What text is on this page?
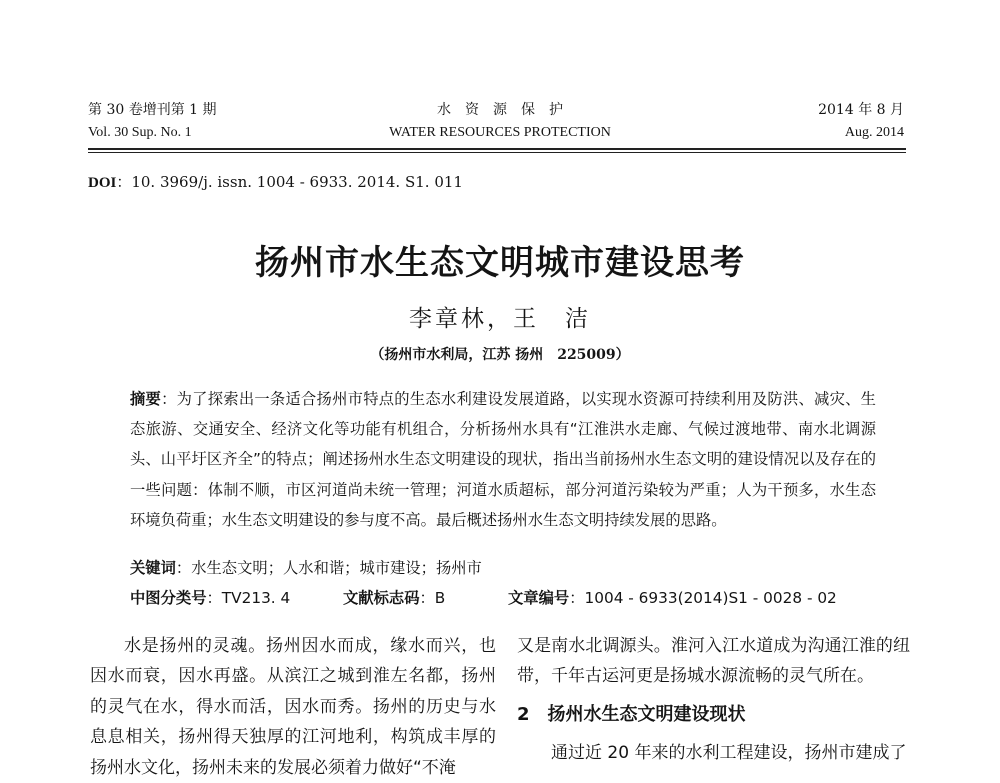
第 30 卷增刊第 1 期
Vol. 30 Sup. No. 1
水　资　源　保　护
WATER RESOURCES PROTECTION
2014 年 8 月
Aug. 2014
DOI：10. 3969/j. issn. 1004 - 6933. 2014. S1. 011
扬州市水生态文明城市建设思考
李章林，王　洁
（扬州市水利局，江苏 扬州　225009）
摘要：为了探索出一条适合扬州市特点的生态水利建设发展道路，以实现水资源可持续利用及防洪、减灾、生态旅游、交通安全、经济文化等功能有机组合，分析扬州水具有“江淮洪水走廊、气候过渡地带、南水北调源头、山平圩区齐全”的特点；阐述扬州水生态文明建设的现状，指出当前扬州水生态文明的建设情况以及存在的一些问题：体制不顺，市区河道尚未统一管理；河道水质超标，部分河道污染较为严重；人为干预多，水生态环境负荷重；水生态文明建设的参与度不高。最后概述扬州水生态文明持续发展的思路。
关键词：水生态文明；人水和谐；城市建设；扬州市
中图分类号：TV213. 4	文献标志码：B	文章编号：1004 - 6933(2014)S1 - 0028 - 02

水是扬州的灵魂。扬州因水而成，缘水而兴，也因水而衰，因水再盛。从滨江之城到淮左名都，扬州的灵气在水，得水而活，因水而秀。扬州的历史与水息息相关，扬州得天独厚的江河地利，构筑成丰厚的扬州水文化，扬州未来的发展必须着力做好“不淹

又是南水北调源头。淮河入江水道成为沟通江淮的纽带，千年古运河更是扬城水源流畅的灵气所在。

2　扬州水生态文明建设现状

通过近 20 年来的水利工程建设，扬州市建成了
